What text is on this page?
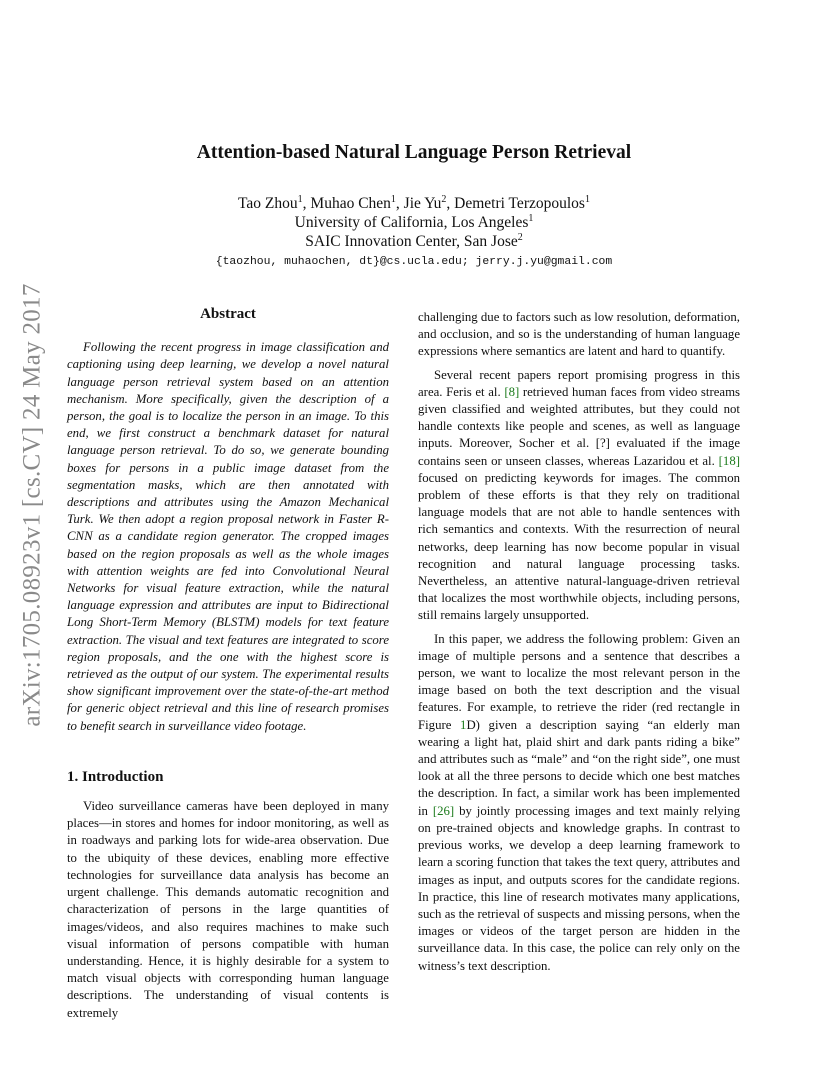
arXiv:1705.08923v1 [cs.CV] 24 May 2017
Attention-based Natural Language Person Retrieval
Tao Zhou$^1$, Muhao Chen$^1$, Jie Yu$^2$, Demetri Terzopoulos$^1$
University of California, Los Angeles$^1$
SAIC Innovation Center, San Jose$^2$
{taozhou, muhaochen, dt}@cs.ucla.edu; jerry.j.yu@gmail.com
Abstract

Following the recent progress in image classification and captioning using deep learning, we develop a novel natural language person retrieval system based on an attention mechanism. More specifically, given the description of a person, the goal is to localize the person in an image. To this end, we first construct a benchmark dataset for natural language person retrieval. To do so, we generate bounding boxes for persons in a public image dataset from the segmentation masks, which are then annotated with descriptions and attributes using the Amazon Mechanical Turk. We then adopt a region proposal network in Faster R-CNN as a candidate region generator. The cropped images based on the region proposals as well as the whole images with attention weights are fed into Convolutional Neural Networks for visual feature extraction, while the natural language expression and attributes are input to Bidirectional Long Short-Term Memory (BLSTM) models for text feature extraction. The visual and text features are integrated to score region proposals, and the one with the highest score is retrieved as the output of our system. The experimental results show significant improvement over the state-of-the-art method for generic object retrieval and this line of research promises to benefit search in surveillance video footage.

1. Introduction

Video surveillance cameras have been deployed in many places—in stores and homes for indoor monitoring, as well as in roadways and parking lots for wide-area observation. Due to the ubiquity of these devices, enabling more effective technologies for surveillance data analysis has become an urgent challenge. This demands automatic recognition and characterization of persons in the large quantities of images/videos, and also requires machines to make such visual information of persons compatible with human understanding. Hence, it is highly desirable for a system to match visual objects with corresponding human language descriptions. The understanding of visual contents is extremely

challenging due to factors such as low resolution, deformation, and occlusion, and so is the understanding of human language expressions where semantics are latent and hard to quantify.

Several recent papers report promising progress in this area. Feris et al. [8] retrieved human faces from video streams given classified and weighted attributes, but they could not handle contexts like people and scenes, as well as language inputs. Moreover, Socher et al. [?] evaluated if the image contains seen or unseen classes, whereas Lazaridou et al. [18] focused on predicting keywords for images. The common problem of these efforts is that they rely on traditional language models that are not able to handle sentences with rich semantics and contexts. With the resurrection of neural networks, deep learning has now become popular in visual recognition and natural language processing tasks. Nevertheless, an attentive natural-language-driven retrieval that localizes the most worthwhile objects, including persons, still remains largely unsupported.

In this paper, we address the following problem: Given an image of multiple persons and a sentence that describes a person, we want to localize the most relevant person in the image based on both the text description and the visual features. For example, to retrieve the rider (red rectangle in Figure 1D) given a description saying “an elderly man wearing a light hat, plaid shirt and dark pants riding a bike” and attributes such as “male” and “on the right side”, one must look at all the three persons to decide which one best matches the description. In fact, a similar work has been implemented in [26] by jointly processing images and text mainly relying on pre-trained objects and knowledge graphs. In contrast to previous works, we develop a deep learning framework to learn a scoring function that takes the text query, attributes and images as input, and outputs scores for the candidate regions. In practice, this line of research motivates many applications, such as the retrieval of suspects and missing persons, when the images or videos of the target person are hidden in the surveillance data. In this case, the police can rely only on the witness’s text description.
